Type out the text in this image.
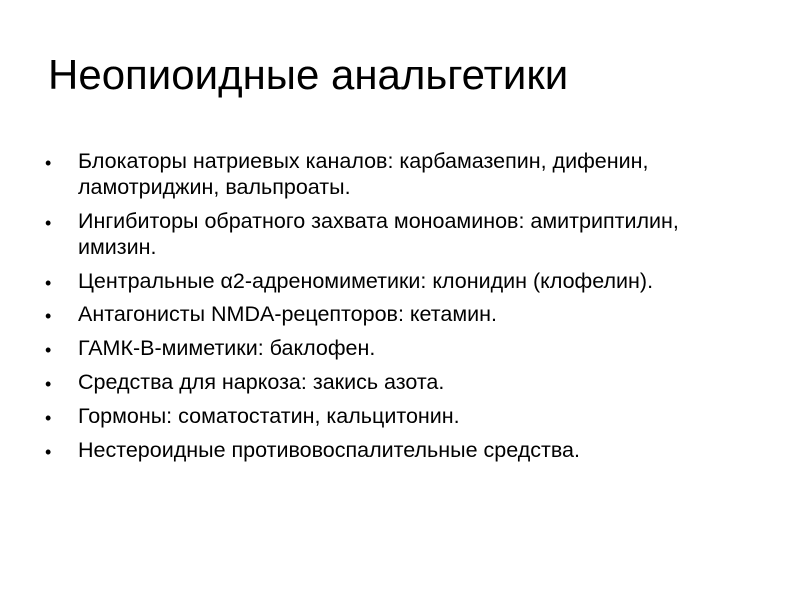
Неопиоидные анальгетики
• Блокаторы натриевых каналов: карбамазепин, дифенин, ламотриджин, вальпроаты.
• Ингибиторы обратного захвата моноаминов: амитриптилин, имизин.
• Центральные α2-адреномиметики: клонидин (клофелин).
• Антагонисты NMDA-рецепторов: кетамин.
• ГАМК-В-миметики: баклофен.
• Средства для наркоза: закись азота.
• Гормоны: соматостатин, кальцитонин.
• Нестероидные противовоспалительные средства.
